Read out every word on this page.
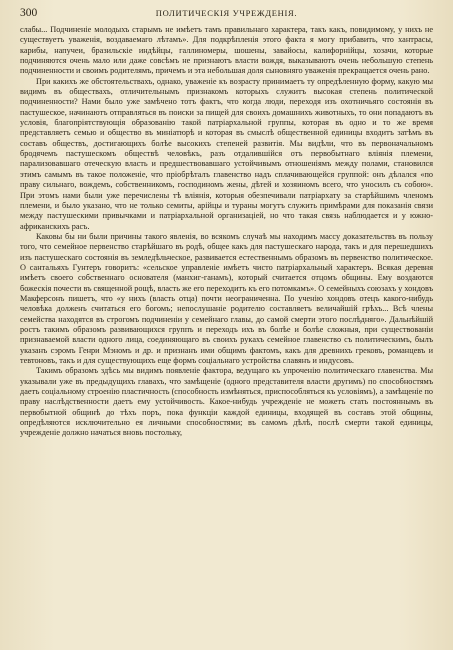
300	ПОЛИТИЧЕСКІЯ УЧРЕЖДЕНІЯ.

слабы... Подчиненіе молодыхъ старымъ не имѣетъ тамъ правильнаго характера, такъ какъ, повидимому, у нихъ не существуетъ уваженія, воздаваемаго лѣтамъ». Для подкрѣпленія этого факта я могу прибавить, что хантрасы, карибы, напучеи, бразильскіе индѣйцы, галлиномеры, шошены, завайосы, калифорнійцы, хозачи, которые подчиняются очень мало или даже совсѣмъ не признаютъ власти вождя, выказываютъ очень небольшую степень подчиненности и своимъ родителямъ, причемъ и эта небольшая доля сыновняго уваженія прекращается очень рано.

При какихъ же обстоятельствахъ, однако, уваженіе къ возрасту принимаетъ ту опредѣленную форму, какую мы видимъ въ обществахъ, отличительнымъ признакомъ которыхъ служитъ высокая степень политической подчиненности? Нами было уже замѣчено тотъ фактъ, что когда люди, переходя изъ охотничьяго состоянія въ пастушеское, начинаютъ отправляться въ поиски за пищей для своихъ домашнихъ животныхъ, то они попадаютъ въ условія, благопріятствующія образованію такой патріархальной группы, которая въ одно и то же время представляетъ семью и общество въ миніатюрѣ и которая въ смыслѣ общественной единицы входитъ затѣмъ въ составъ обществъ, достигающихъ болѣе высокихъ степеней развитія. Мы видѣли, что въ первоначальномъ бродячемъ пастушескомъ обществѣ человѣкъ, разъ отдалившійся отъ первобытнаго вліянія племени, парализовавшаго отеческую власть и предшествовавшаго устойчивымъ отношеніямъ между полами, становился этимъ самымъ въ такое положеніе, что пріобрѣталъ главенство надъ сплачивающейся группой: онъ дѣлался «по праву сильнаго, вождемъ, собственникомъ, господиномъ жены, дѣтей и хозяиномъ всего, что уносилъ съ собою». При этомъ нами были уже перечислены тѣ вліянія, которыя обезпечивали патріархату за старѣйшимъ членомъ племени, и было указано, что не только семиты, арійцы и тураны могутъ служить примѣрами для показанія связи между пастушескими привычками и патріархальной организаціей, но что такая связь наблюдается и у южно-африканскихъ расъ.

Каковы бы ни были причины такого явленія, во всякомъ случаѣ мы находимъ массу доказательствъ въ пользу того, что семейное первенство старѣйшаго въ родѣ, общее какъ для пастушескаго народа, такъ и для перешедшихъ изъ пастушескаго состоянія въ земледѣльческое, развивается естественнымъ образомъ въ первенство политическое. О сантальяхъ Гунтеръ говоритъ: «сельское управленіе имѣетъ чисто патріархальный характеръ. Всякая деревня имѣетъ своего собственнаго основателя (манхиг-ганамъ), который считается отцомъ общины. Ему воздаются божескія почести въ священной рощѣ, власть же его переходитъ къ его потомкамъ». О семейныхъ союзахъ у хондовъ Макферсонъ пишетъ, что «у нихъ (власть отца) почти неограниченна. По ученію хондовъ отецъ какого-нибудь человѣка долженъ считаться его богомъ; непослушаніе родителю составляетъ величайшій грѣхъ... Всѣ члены семейства находятся въ строгомъ подчиненіи у семейнаго главы, до самой смерти этого послѣдняго». Дальнѣйшій ростъ такимъ образомъ развивающихся группъ и переходъ ихъ въ болѣе и болѣе сложныя, при существованіи признаваемой власти одного лица, соединяющаго въ своихъ рукахъ семейное главенство съ политическимъ, былъ указанъ сэромъ Генри Мэномъ и др. и признанъ ими общимъ фактомъ, какъ для древнихъ грековъ, романцевъ и тевтоновъ, такъ и для существующихъ еще формъ соціальнаго устройства славянъ и индусовъ.

Такимъ образомъ здѣсь мы видимъ появленіе фактора, ведущаго къ упроченію политическаго главенства. Мы указывали уже въ предыдущихъ главахъ, что замѣщеніе (одного представителя власти другимъ) по способностямъ даетъ соціальному строенію пластичность (способность измѣняться, приспособляться къ условіямъ), а замѣщеніе по праву наслѣдственности даетъ ему устойчивость. Какое-нибудь учрежденіе не можетъ стать постояннымъ въ первобытной общинѣ до тѣхъ поръ, пока функціи каждой единицы, входящей въ составъ этой общины, опредѣляются исключительно ея личными способностями; въ самомъ дѣлѣ, послѣ смерти такой единицы, учрежденіе должно начаться вновь постольку,
